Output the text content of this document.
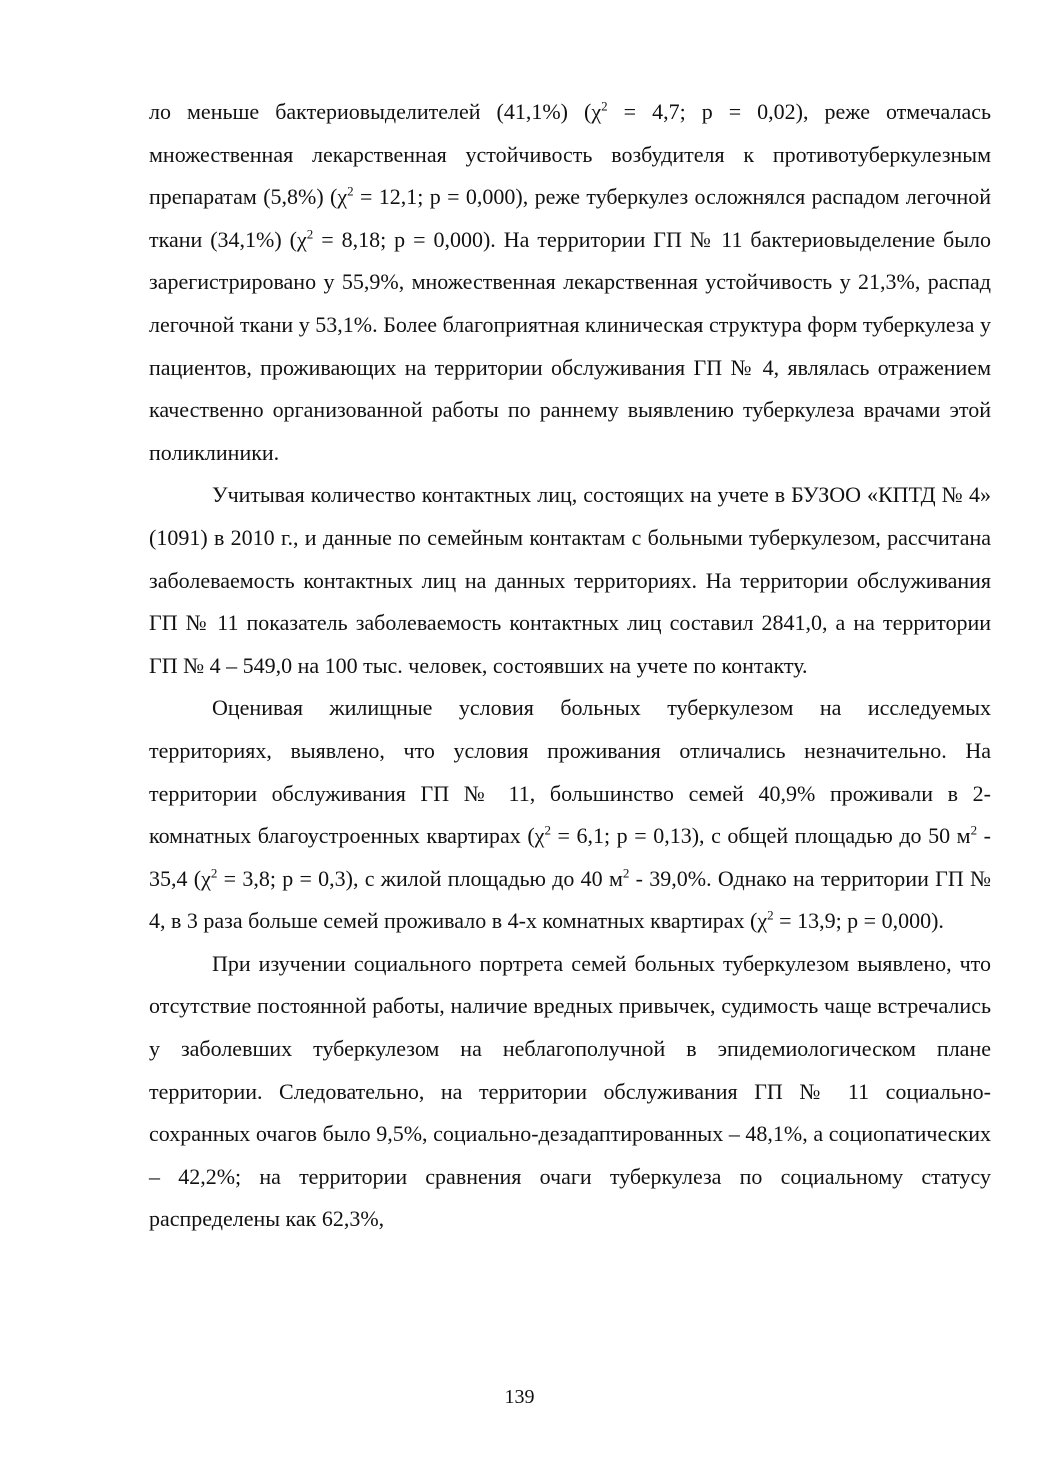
ло меньше бактериовыделителей (41,1%) ($\chi^2 = 4,7$; р = 0,02), реже отмечалась множественная лекарственная устойчивость возбудителя к противотуберкулезным препаратам (5,8%) ($\chi^2 = 12,1$; р = 0,000), реже туберкулез осложнялся распадом легочной ткани (34,1%) ($\chi^2 = 8,18$; р = 0,000). На территории ГП № 11 бактериовыделение было зарегистрировано у 55,9%, множественная лекарственная устойчивость у 21,3%, распад легочной ткани у 53,1%. Более благоприятная клиническая структура форм туберкулеза у пациентов, проживающих на территории обслуживания ГП № 4, являлась отражением качественно организованной работы по раннему выявлению туберкулеза врачами этой поликлиники.

Учитывая количество контактных лиц, состоящих на учете в БУЗОО «КПТД № 4» (1091) в 2010 г., и данные по семейным контактам с больными туберкулезом, рассчитана заболеваемость контактных лиц на данных территориях. На территории обслуживания ГП № 11 показатель заболеваемость контактных лиц составил 2841,0, а на территории ГП № 4 – 549,0 на 100 тыс. человек, состоявших на учете по контакту.

Оценивая жилищные условия больных туберкулезом на исследуемых территориях, выявлено, что условия проживания отличались незначительно. На территории обслуживания ГП № 11, большинство семей 40,9% проживали в 2-комнатных благоустроенных квартирах ($\chi^2 = 6,1$; р = 0,13), с общей площадью до 50 $м^2 - 35,4$ ($\chi^2 = 3,8$; р = 0,3), с жилой площадью до 40 $м^2 - 39,0\%$. Однако на территории ГП № 4, в 3 раза больше семей проживало в 4-х комнатных квартирах ($\chi^2 = 13,9$; р = 0,000).

При изучении социального портрета семей больных туберкулезом выявлено, что отсутствие постоянной работы, наличие вредных привычек, судимость чаще встречались у заболевших туберкулезом на неблагополучной в эпидемиологическом плане территории. Следовательно, на территории обслуживания ГП № 11 социально-сохранных очагов было 9,5%, социально-дезадаптированных – 48,1%, а социопатических – 42,2%; на территории сравнения очаги туберкулеза по социальному статусу распределены как 62,3%,

139
